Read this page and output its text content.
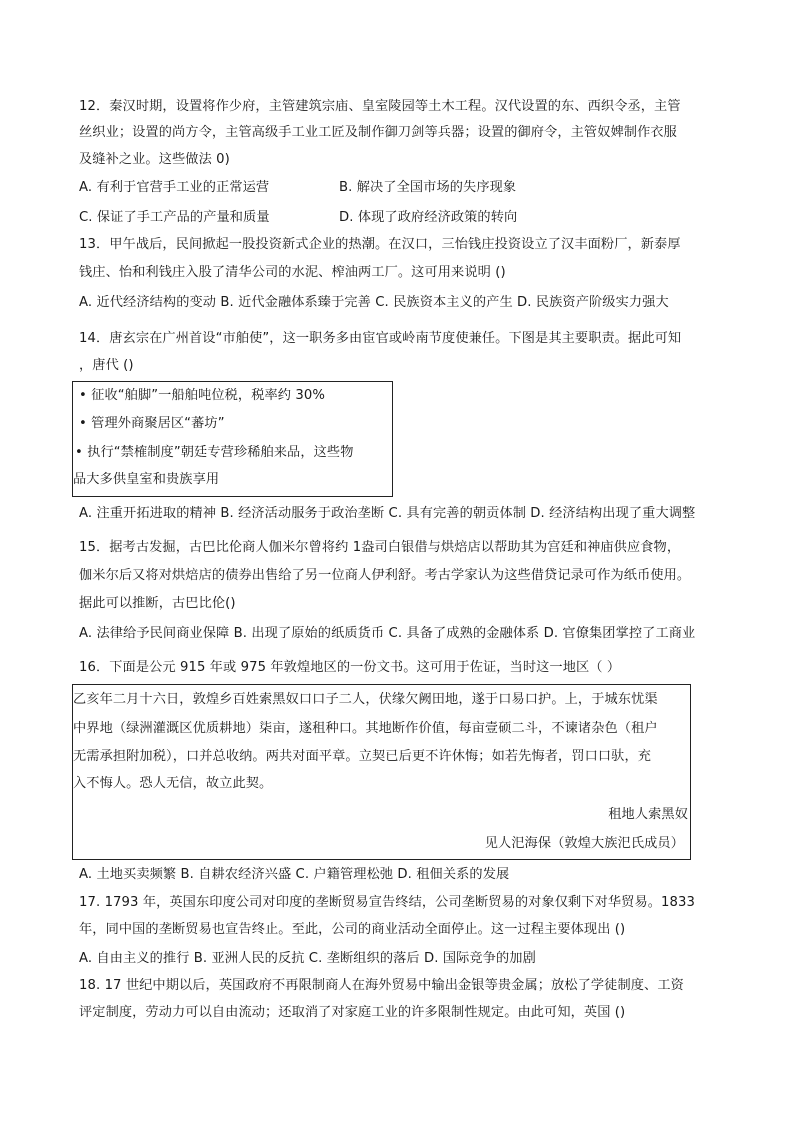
12．秦汉时期，设置将作少府，主管建筑宗庙、皇室陵园等土木工程。汉代设置的东、西织令丞，主管
丝织业；设置的尚方令，主管高级手工业工匠及制作御刀剑等兵器；设置的御府令，主管奴婢制作衣服
及缝补之业。这些做法 0)
A. 有利于官营手工业的正常运营	B. 解决了全国市场的失序现象
C. 保证了手工产品的产量和质量	D. 体现了政府经济政策的转向
13．甲午战后，民间掀起一股投资新式企业的热潮。在汉口，三怡钱庄投资设立了汉丰面粉厂，新泰厚
钱庄、怡和利钱庄入股了清华公司的水泥、榨油两工厂。这可用来说明 ()
A. 近代经济结构的变动 B. 近代金融体系臻于完善 C. 民族资本主义的产生 D. 民族资产阶级实力强大
14．唐玄宗在广州首设“市舶使”，这一职务多由宦官或岭南节度使兼任。下图是其主要职责。据此可知
，唐代 ()
• 征收“舶脚”一船舶吨位税，税率约 30%
• 管理外商聚居区“蕃坊”
• 执行“禁榷制度”朝廷专营珍稀舶来品，这些物
品大多供皇室和贵族享用
A. 注重开拓进取的精神 B. 经济活动服务于政治垄断 C. 具有完善的朝贡体制 D. 经济结构出现了重大调整
15．据考古发掘，古巴比伦商人伽米尔曾将约 1盎司白银借与烘焙店以帮助其为宫廷和神庙供应食物，
伽米尔后又将对烘焙店的债券出售给了另一位商人伊利舒。考古学家认为这些借贷记录可作为纸币使用。
据此可以推断，古巴比伦()
A. 法律给予民间商业保障 B. 出现了原始的纸质货币 C. 具备了成熟的金融体系 D. 官僚集团掌控了工商业
16．下面是公元 915 年或 975 年敦煌地区的一份文书。这可用于佐证，当时这一地区（ ）
乙亥年二月十六日，敦煌乡百姓索黑奴口口子二人，伏缘欠阙田地，遂于口易口护。上，于城东忧渠
中界地（绿洲灌溉区优质耕地）柒亩，遂租种口。其地断作价值，每亩壹硕二斗，不谏诸杂色（租户
无需承担附加税），口并总收纳。两共对面平章。立契已后更不许休悔；如若先悔者，罚口口驮，充
入不悔人。恐人无信，故立此契。
租地人索黑奴
见人汜海保（敦煌大族汜氏成员）
A. 土地买卖频繁 B. 自耕农经济兴盛 C. 户籍管理松弛 D. 租佃关系的发展
17. 1793 年，英国东印度公司对印度的垄断贸易宣告终结，公司垄断贸易的对象仅剩下对华贸易。1833
年，同中国的垄断贸易也宣告终止。至此，公司的商业活动全面停止。这一过程主要体现出 ()
A. 自由主义的推行 B. 亚洲人民的反抗 C. 垄断组织的落后 D. 国际竞争的加剧
18. 17 世纪中期以后，英国政府不再限制商人在海外贸易中输出金银等贵金属；放松了学徒制度、工资
评定制度，劳动力可以自由流动；还取消了对家庭工业的许多限制性规定。由此可知，英国 ()
